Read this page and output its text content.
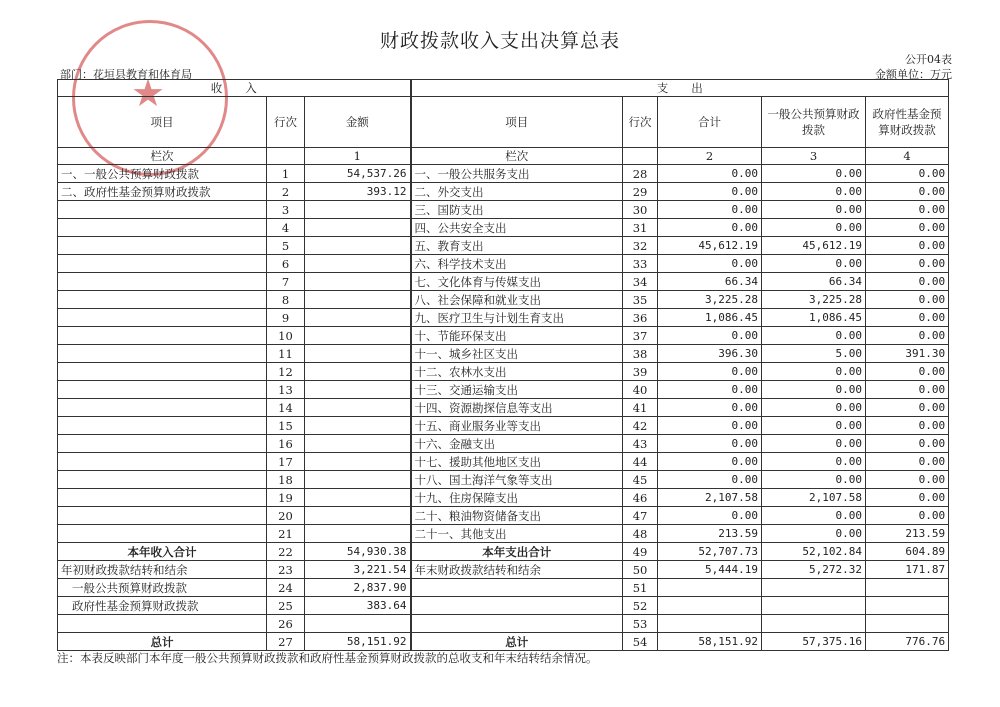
★
财政拨款收入支出决算总表
公开04表
部门：花垣县教育和体育局	金额单位：万元
收　　入			支　　出				
项目	行次	金额	项目	行次	合计	一般公共预算财政拨款	政府性基金预算财政拨款
栏次		1	栏次		2	3	4
一、一般公共预算财政拨款	1	54,537.26	一、一般公共服务支出	28	0.00	0.00	0.00
二、政府性基金预算财政拨款	2	393.12	二、外交支出	29	0.00	0.00	0.00
	3		三、国防支出	30	0.00	0.00	0.00
	4		四、公共安全支出	31	0.00	0.00	0.00
	5		五、教育支出	32	45,612.19	45,612.19	0.00
	6		六、科学技术支出	33	0.00	0.00	0.00
	7		七、文化体育与传媒支出	34	66.34	66.34	0.00
	8		八、社会保障和就业支出	35	3,225.28	3,225.28	0.00
	9		九、医疗卫生与计划生育支出	36	1,086.45	1,086.45	0.00
	10		十、节能环保支出	37	0.00	0.00	0.00
	11		十一、城乡社区支出	38	396.30	5.00	391.30
	12		十二、农林水支出	39	0.00	0.00	0.00
	13		十三、交通运输支出	40	0.00	0.00	0.00
	14		十四、资源勘探信息等支出	41	0.00	0.00	0.00
	15		十五、商业服务业等支出	42	0.00	0.00	0.00
	16		十六、金融支出	43	0.00	0.00	0.00
	17		十七、援助其他地区支出	44	0.00	0.00	0.00
	18		十八、国土海洋气象等支出	45	0.00	0.00	0.00
	19		十九、住房保障支出	46	2,107.58	2,107.58	0.00
	20		二十、粮油物资储备支出	47	0.00	0.00	0.00
	21		二十一、其他支出	48	213.59	0.00	213.59
本年收入合计	22	54,930.38	本年支出合计	49	52,707.73	52,102.84	604.89
年初财政拨款结转和结余	23	3,221.54	年末财政拨款结转和结余	50	5,444.19	5,272.32	171.87
一般公共预算财政拨款	24	2,837.90		51			
政府性基金预算财政拨款	25	383.64		52			
	26			53			
总计	27	58,151.92	总计	54	58,151.92	57,375.16	776.76
注：本表反映部门本年度一般公共预算财政拨款和政府性基金预算财政拨款的总收支和年末结转结余情况。
